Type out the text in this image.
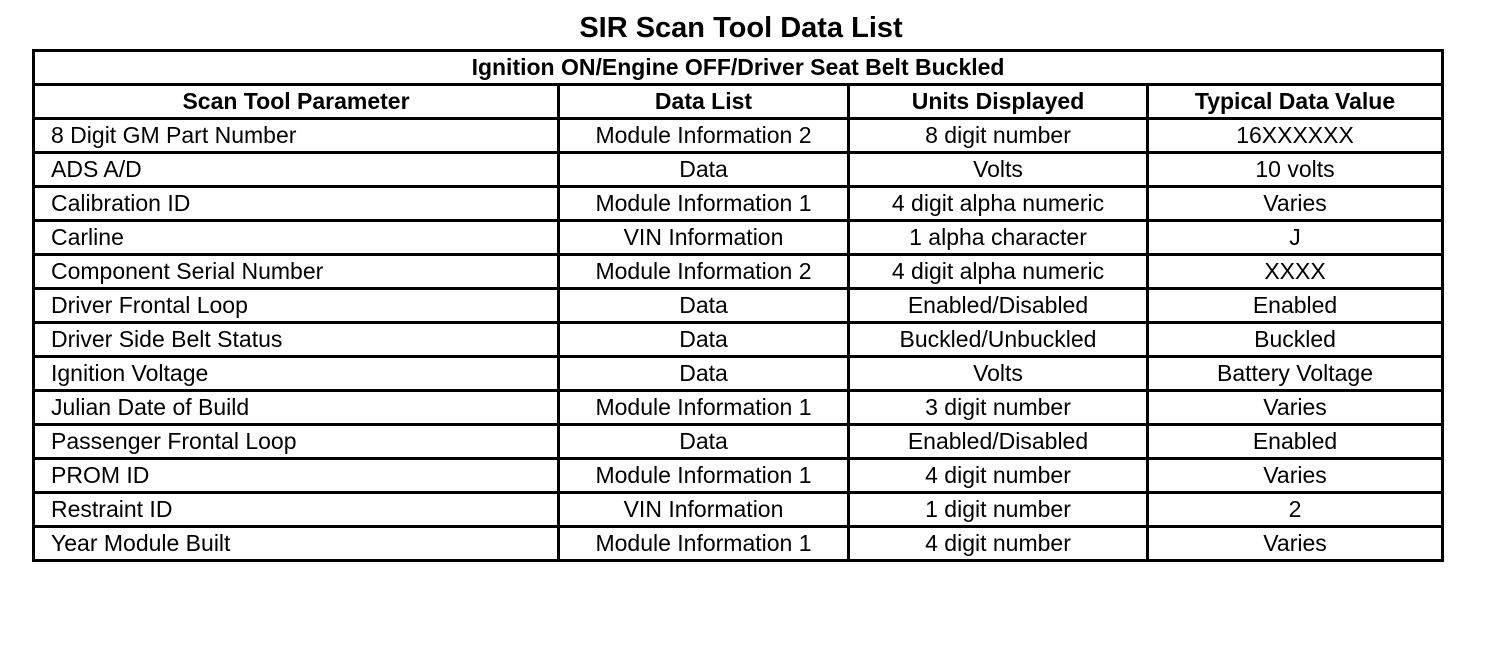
SIR Scan Tool Data List
Ignition ON/Engine OFF/Driver Seat Belt Buckled			
Scan Tool Parameter	Data List	Units Displayed	Typical Data Value
8 Digit GM Part Number	Module Information 2	8 digit number	16XXXXXX
ADS A/D	Data	Volts	10 volts
Calibration ID	Module Information 1	4 digit alpha numeric	Varies
Carline	VIN Information	1 alpha character	J
Component Serial Number	Module Information 2	4 digit alpha numeric	XXXX
Driver Frontal Loop	Data	Enabled/Disabled	Enabled
Driver Side Belt Status	Data	Buckled/Unbuckled	Buckled
Ignition Voltage	Data	Volts	Battery Voltage
Julian Date of Build	Module Information 1	3 digit number	Varies
Passenger Frontal Loop	Data	Enabled/Disabled	Enabled
PROM ID	Module Information 1	4 digit number	Varies
Restraint ID	VIN Information	1 digit number	2
Year Module Built	Module Information 1	4 digit number	Varies
